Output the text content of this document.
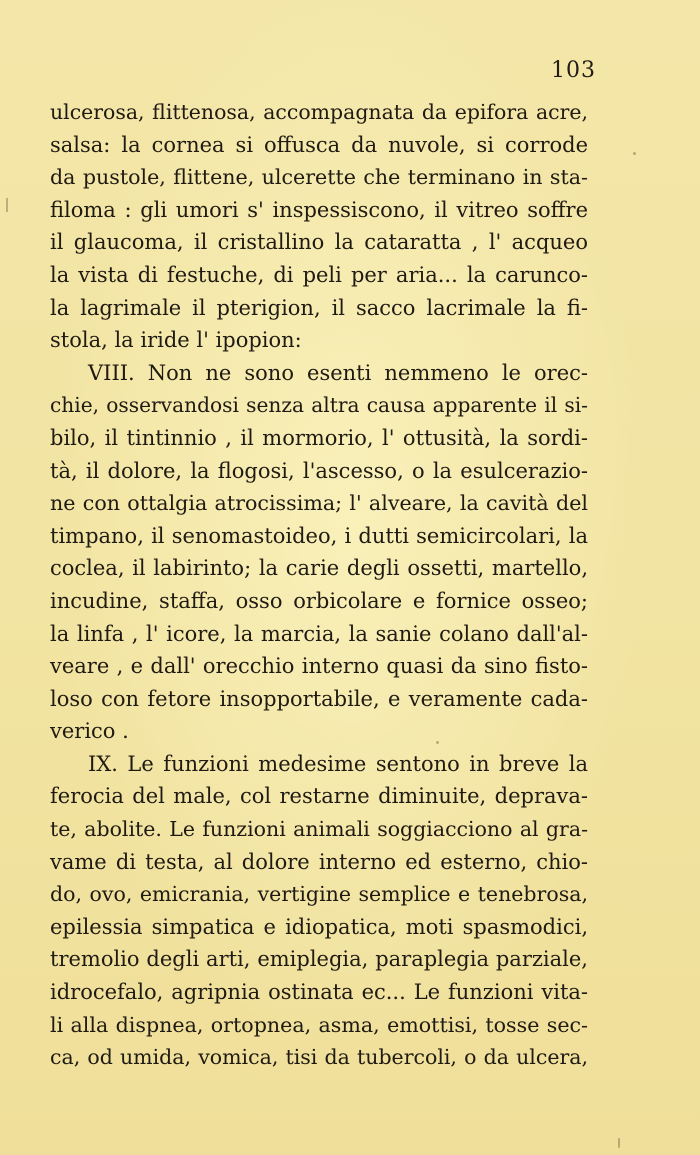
103
ulcerosa, flittenosa, accompagnata da epifora acre,
salsa: la cornea si offusca da nuvole, si corrode
da pustole, flittene, ulcerette che terminano in sta-
filoma : gli umori s' inspessiscono, il vitreo soffre
il glaucoma, il cristallino la cataratta , l' acqueo
la vista di festuche, di peli per aria... la carunco-
la lagrimale il pterigion, il sacco lacrimale la fi-
stola, la iride l' ipopion:
VIII. Non ne sono esenti nemmeno le orec-
chie, osservandosi senza altra causa apparente il si-
bilo, il tintinnio , il mormorio, l' ottusità, la sordi-
tà, il dolore, la flogosi, l'ascesso, o la esulcerazio-
ne con ottalgia atrocissima; l' alveare, la cavità del
timpano, il senomastoideo, i dutti semicircolari, la
coclea, il labirinto; la carie degli ossetti, martello,
incudine, staffa, osso orbicolare e fornice osseo;
la linfa , l' icore, la marcia, la sanie colano dall'al-
veare , e dall' orecchio interno quasi da sino fisto-
loso con fetore insopportabile, e veramente cada-
verico .
IX. Le funzioni medesime sentono in breve la
ferocia del male, col restarne diminuite, deprava-
te, abolite. Le funzioni animali soggiacciono al gra-
vame di testa, al dolore interno ed esterno, chio-
do, ovo, emicrania, vertigine semplice e tenebrosa,
epilessia simpatica e idiopatica, moti spasmodici,
tremolio degli arti, emiplegia, paraplegia parziale,
idrocefalo, agripnia ostinata ec... Le funzioni vita-
li alla dispnea, ortopnea, asma, emottisi, tosse sec-
ca, od umida, vomica, tisi da tubercoli, o da ulcera,
